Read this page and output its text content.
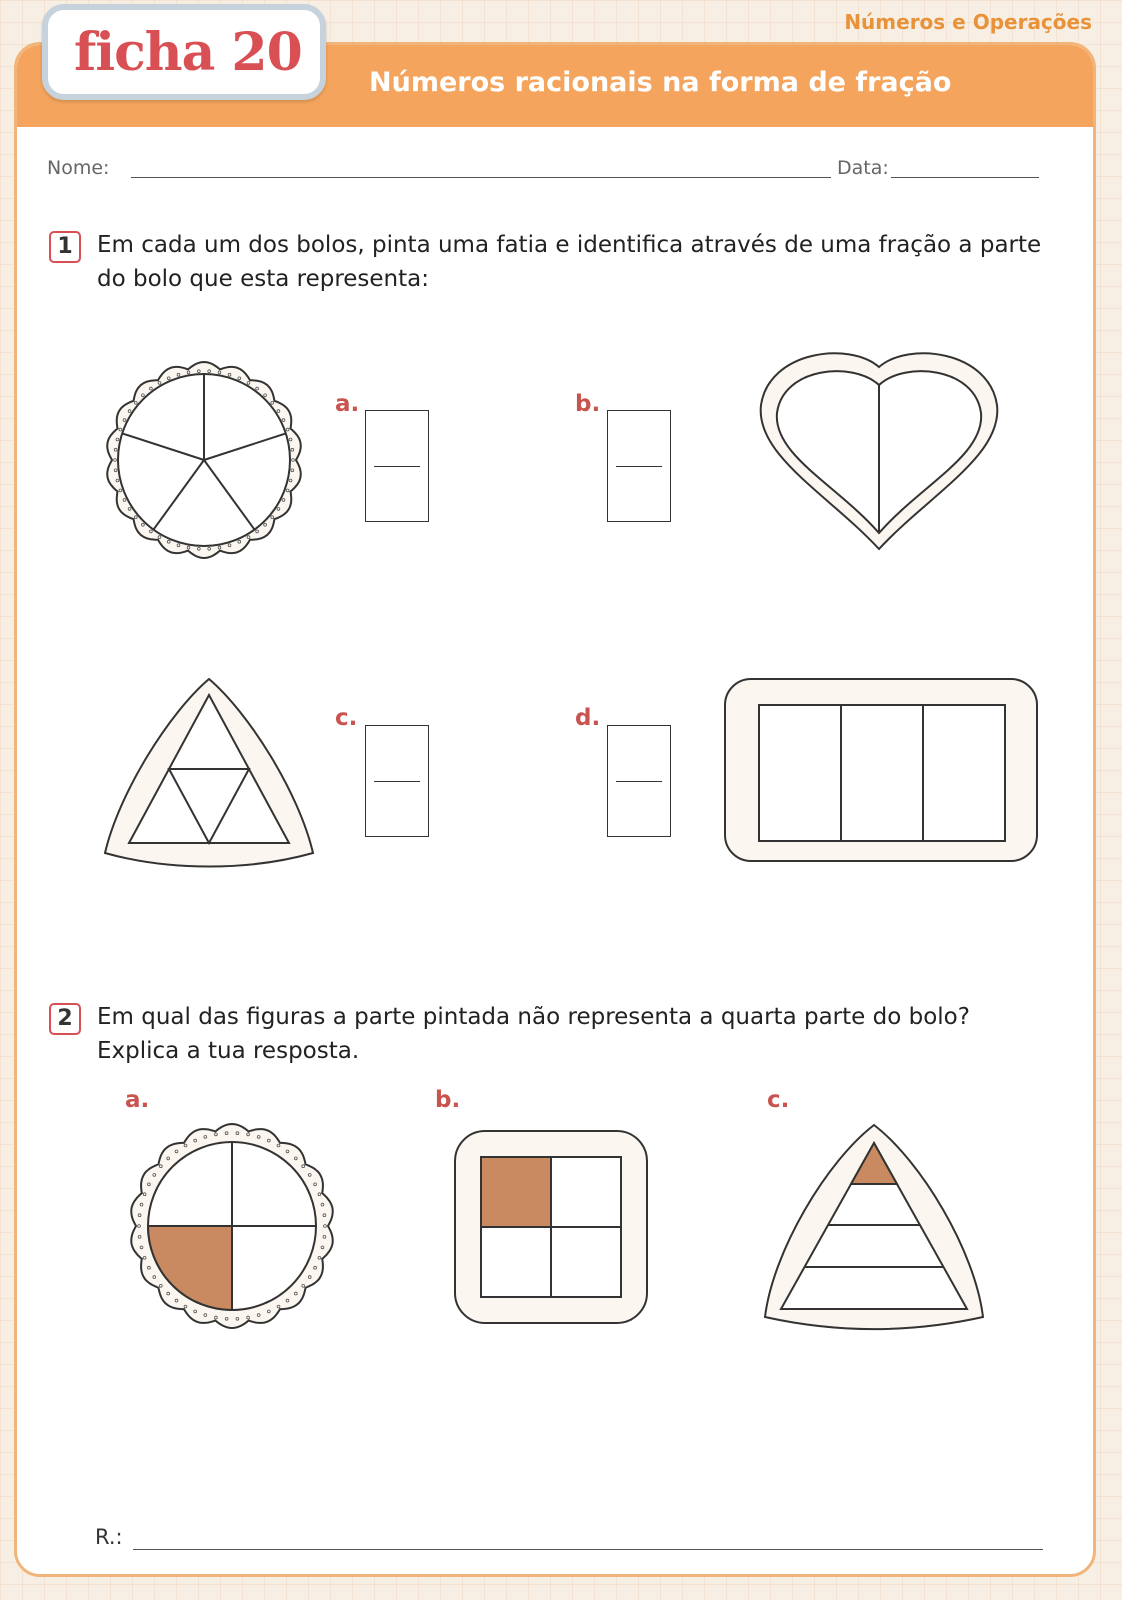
Números e Operações
Números racionais na forma de fração
Nome:	Data:
1	Em cada um dos bolos, pinta uma fatia e identifica através de uma fração a parte
do bolo que esta representa:
a.	b.
c.	d.
2	Em qual das figuras a parte pintada não representa a quarta parte do bolo?
Explica a tua resposta.
a.	b.	c.
R.:
ficha 20
